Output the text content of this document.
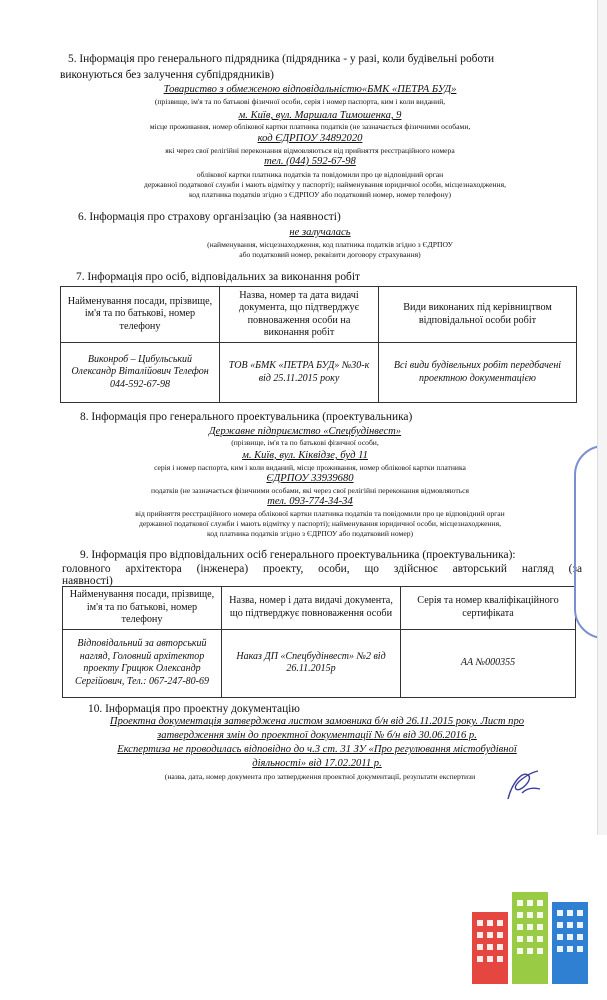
5. Інформація про генерального підрядника (підрядника - у разі, коли будівельні роботи
виконуються без залучення субпідрядників)
Товариство з обмеженою відповідальністю«БМК «ПЕТРА БУД»
(прізвище, ім'я та по батькові фізичної особи, серія і номер паспорта, ким і коли виданий,
м. Київ, вул. Маршала Тимошенка, 9
місце проживання, номер облікової картки платника податків (не зазначається фізичними особами,
код ЄДРПОУ 34892020
які через свої релігійні переконання відмовляються від прийняття реєстраційного номера
тел. (044) 592-67-98
облікової картки платника податків та повідомили про це відповідний орган
державної податкової служби і мають відмітку у паспорті); найменування юридичної особи, місцезнаходження,
код платника податків згідно з ЄДРПОУ або податковий номер, номер телефону)
6. Інформація про страхову організацію (за наявності)
не залучалась
(найменування, місцезнаходження, код платника податків згідно з ЄДРПОУ
або податковий номер, реквізити договору страхування)
7. Інформація про осіб, відповідальних за виконання робіт
Найменування посади, прізвище, ім'я та по батькові, номер телефону	Назва, номер та дата видачі документа, що підтверджує повноваження особи на виконання робіт	Види виконаних під керівництвом відповідальної особи робіт
Виконроб – Цибульський Олександр Віталійович Телефон 044-592-67-98	ТОВ «БМК «ПЕТРА БУД» №30-к від 25.11.2015 року	Всі види будівельних робіт передбачені проектною документацією
8. Інформація про генерального проектувальника (проектувальника)
Державне підприємство «Спецбудінвест»
(прізвище, ім'я та по батькові фізичної особи,
м. Київ, вул. Кіквідзе, буд 11
серія і номер паспорта, ким і коли виданий, місце проживання, номер облікової картки платника
ЄДРПОУ 33939680
податків (не зазначається фізичними особами, які через свої релігійні переконання відмовляються
тел. 093-774-34-34
від прийняття реєстраційного номера облікової картки платника податків та повідомили про це відповідний орган
державної податкової служби і мають відмітку у паспорті); найменування юридичної особи, місцезнаходження,
код платника податків згідно з ЄДРПОУ або податковий номер)
9. Інформація про відповідальних осіб генерального проектувальника (проектувальника):
головного архітектора (інженера) проекту, особи, що здійснює авторський нагляд (за
наявності)
Найменування посади, прізвище, ім'я та по батькові, номер телефону	Назва, номер і дата видачі документа, що підтверджує повноваження особи	Серія та номер кваліфікаційного сертифіката
Відповідальний за авторський нагляд, Головний архітектор проекту Грицюк Олександр Сергійович, Тел.: 067-247-80-69	Наказ ДП «Спецбудінвест» №2 від 26.11.2015р	АА №000355
10. Інформація про проектну документацію
Проектна документація затверджена листом замовника б/н від 26.11.2015 року. Лист про
затвердження змін до проектної документації № б/н від 30.06.2016 р.
Експертиза не проводилась відповідно до ч.3 ст. 31 ЗУ «Про регулювання містобудівної
діяльності» від 17.02.2011 р.
(назва, дата, номер документа про затвердження проектної документації, результати експертизи
